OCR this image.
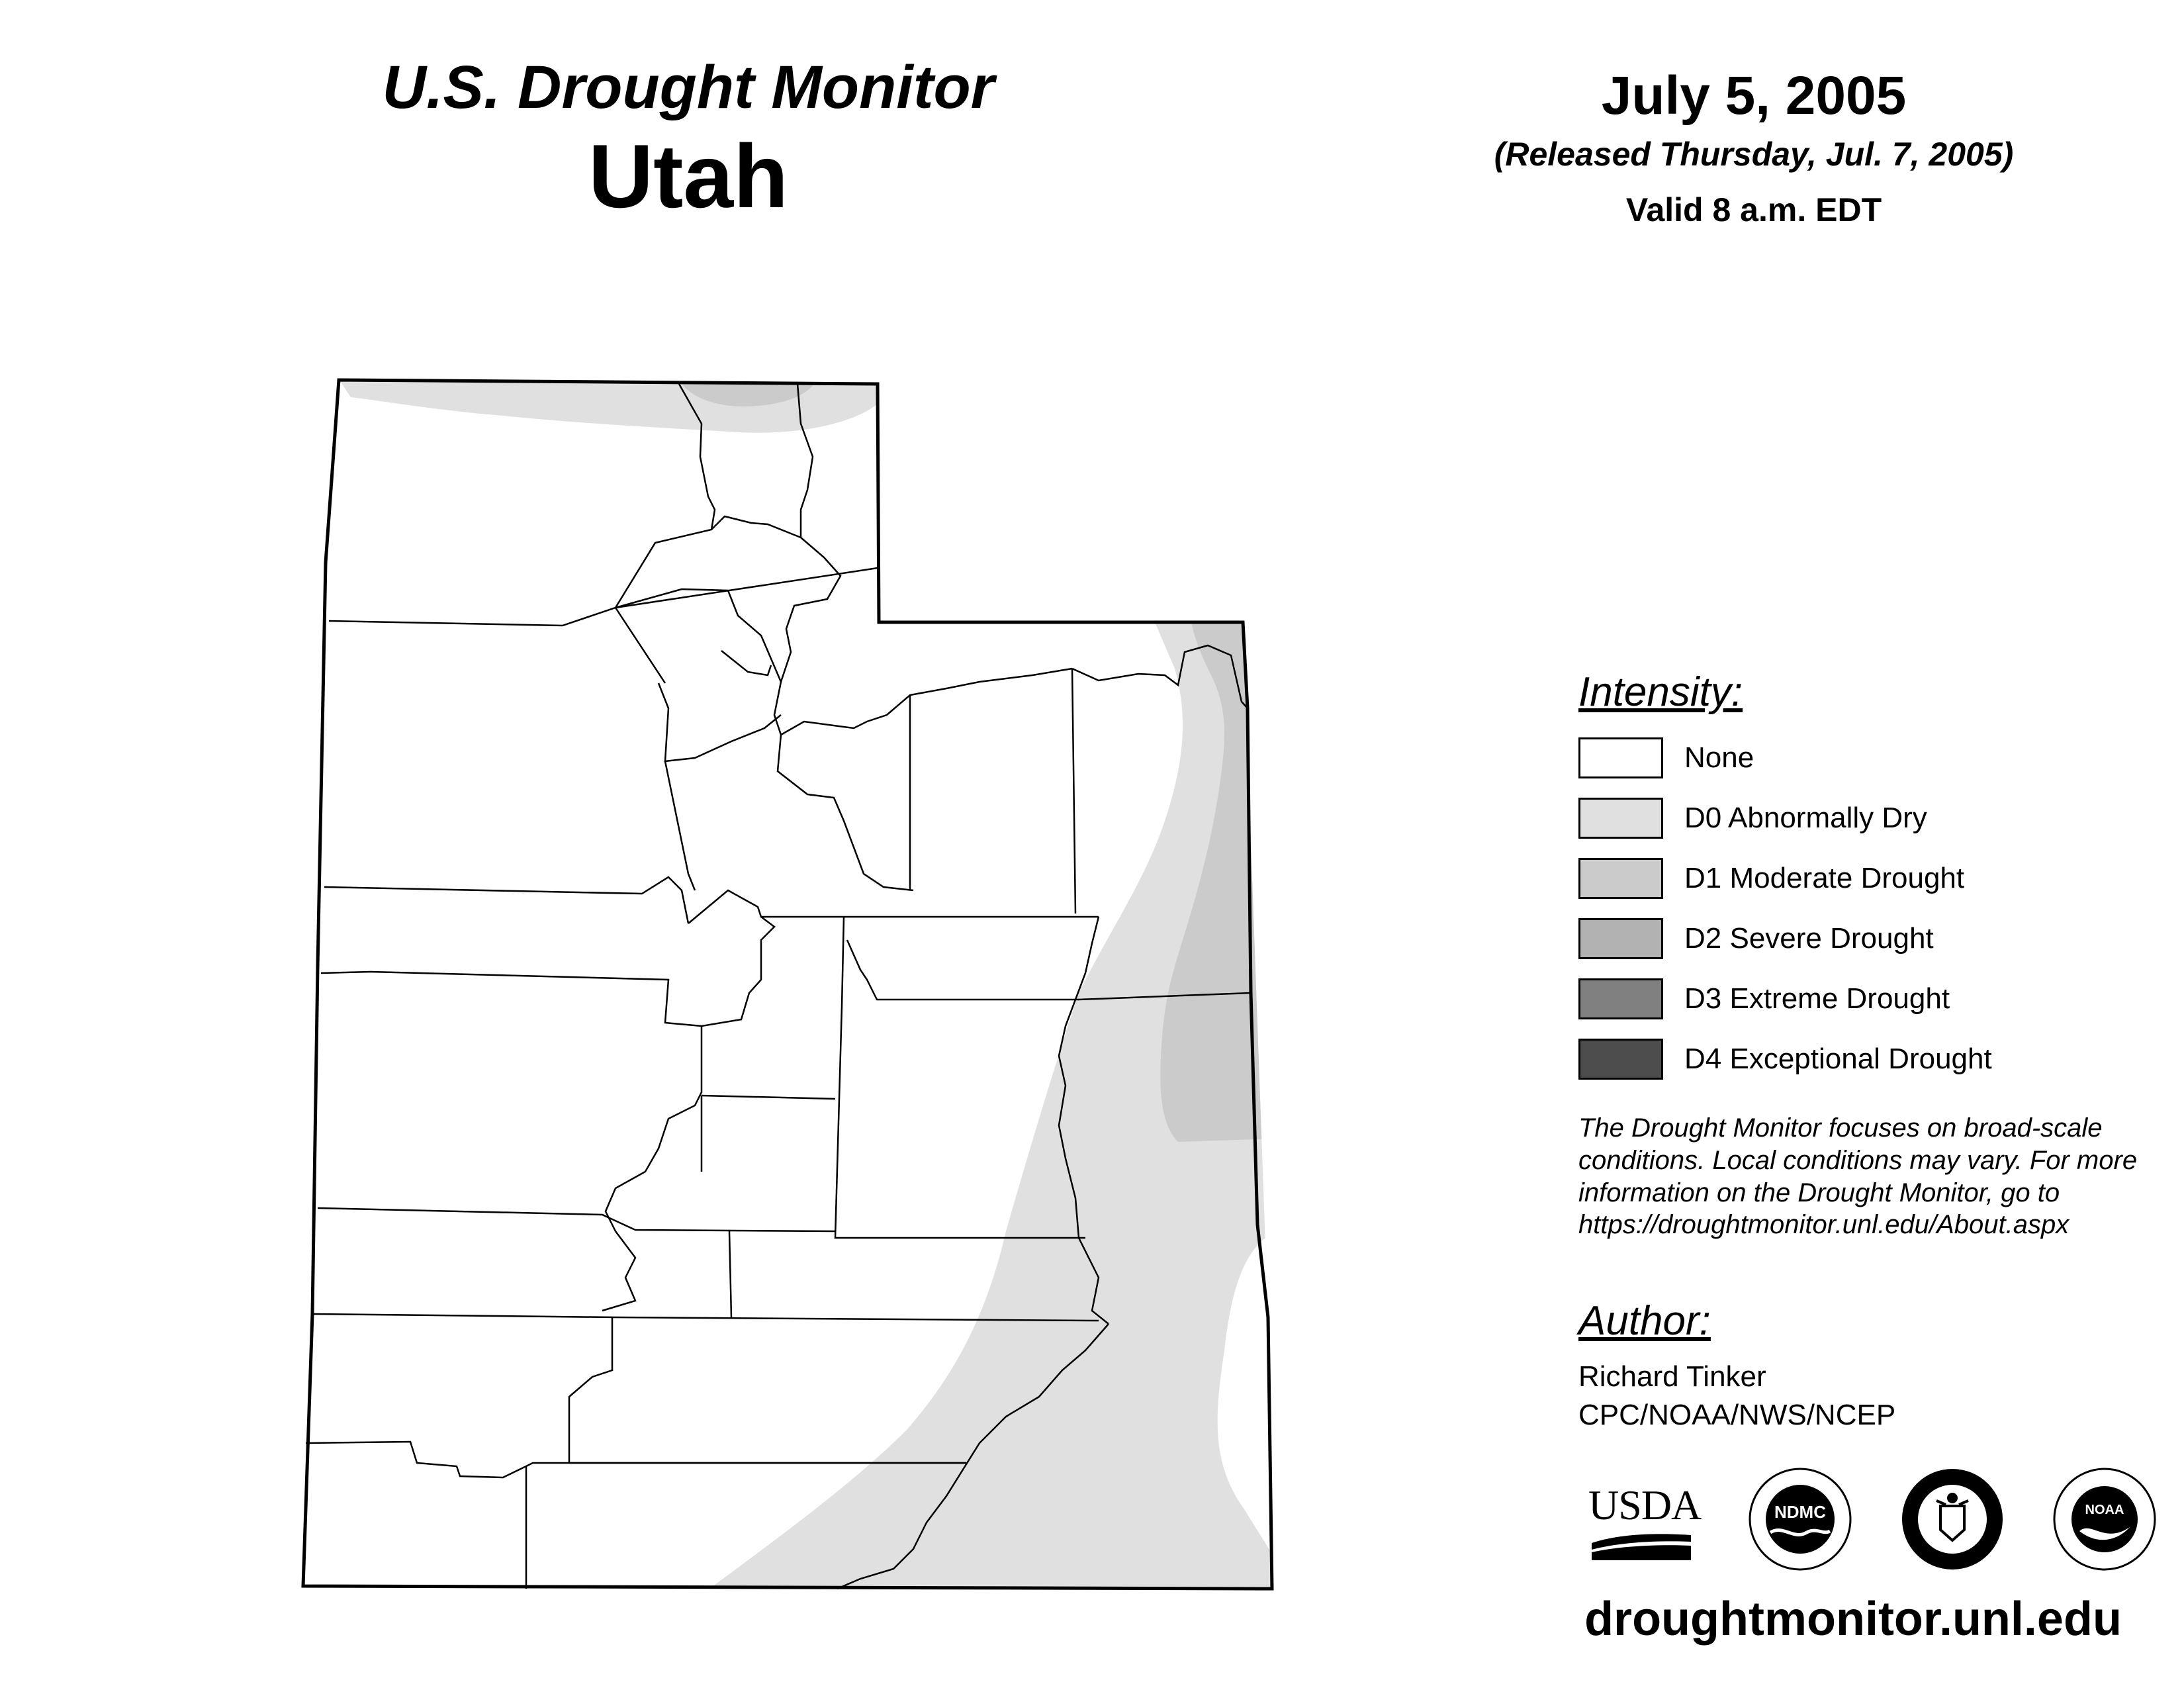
U.S. Drought Monitor
Utah
July 5, 2005
(Released Thursday, Jul. 7, 2005)
Valid 8 a.m. EDT
Intensity:
None
D0 Abnormally Dry
D1 Moderate Drought
D2 Severe Drought
D3 Extreme Drought
D4 Exceptional Drought
The Drought Monitor focuses on broad-scale conditions. Local conditions may vary. For more information on the Drought Monitor, go to https://droughtmonitor.unl.edu/About.aspx
Author:
Richard Tinker
CPC/NOAA/NWS/NCEP
USDA	NDMC	NOAA
droughtmonitor.unl.edu
